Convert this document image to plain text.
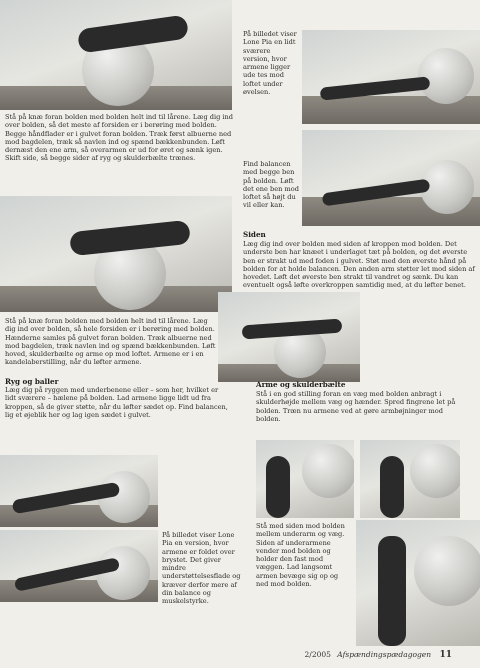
Stå på knæ foran bolden med bolden helt ind til lårene. Læg dig ind over bolden, så det meste af forsiden er i berøring med bolden. Begge håndflader er i gulvet foran bolden. Træk først albuerne ned mod bagdelen, træk så navlen ind og spænd bækkenbunden. Løft dernæst den ene arm, så overarmen er ud for øret og sænk igen. Skift side, så begge sider af ryg og skulderbælte trænes.
Stå på knæ foran bolden med bolden helt ind til lårene. Læg dig ind over bolden, så hele forsiden er i berøring med bolden. Hænderne samles på gulvet foran bolden. Træk albuerne ned mod bagdelen, træk navlen ind og spænd bækkenbunden. Løft hoved, skulderbælte og arme op mod loftet. Armene er i en kandelaberstilling, når du løfter armene.
Ryg og baller
Læg dig på ryggen med underbenene eller – som her, hvilket er lidt sværere – hælene på bolden. Lad armene ligge lidt ud fra kroppen, så de giver støtte, når du løfter sædet op. Find balancen, lig et øjeblik her og lag igen sædet i gulvet.
På billedet viser Lone Pia en version, hvor armene er foldet over brystet. Det giver mindre understøttelsesflade og kræver derfor mere af din balance og muskelstyrke.
På billedet viser Lone Pia en lidt sværere version, hvor armene ligger ude tes mod loftet under øvelsen.
Find balancen med begge ben på bolden. Løft det ene ben mod loftet så højt du vil eller kan.
Siden
Læg dig ind over bolden med siden af kroppen mod bolden. Det underste ben har knæet i underlaget tæt på bolden, og det øverste ben er strakt ud med foden i gulvet. Støt med den øverste hånd på bolden for at holde balancen. Den anden arm støtter let mod siden af hovedet. Løft det øverste ben strakt til vandret og sænk. Du kan eventuelt også løfte overkroppen samtidig med, at du løfter benet.
Arme og skulderbælte
Stå i en god stilling foran en væg med bolden anbragt i skulderhøjde mellem væg og hænder. Spred fingrene let på bolden. Træn nu armene ved at gøre armbøjninger mod bolden.
Stå med siden mod bolden mellem underarm og væg. Siden af underarmene vender mod bolden og holder den fast mod væggen. Lad langsomt armen bevæge sig op og ned mod bolden.
2/2005 Afspændingspædagogen 11
